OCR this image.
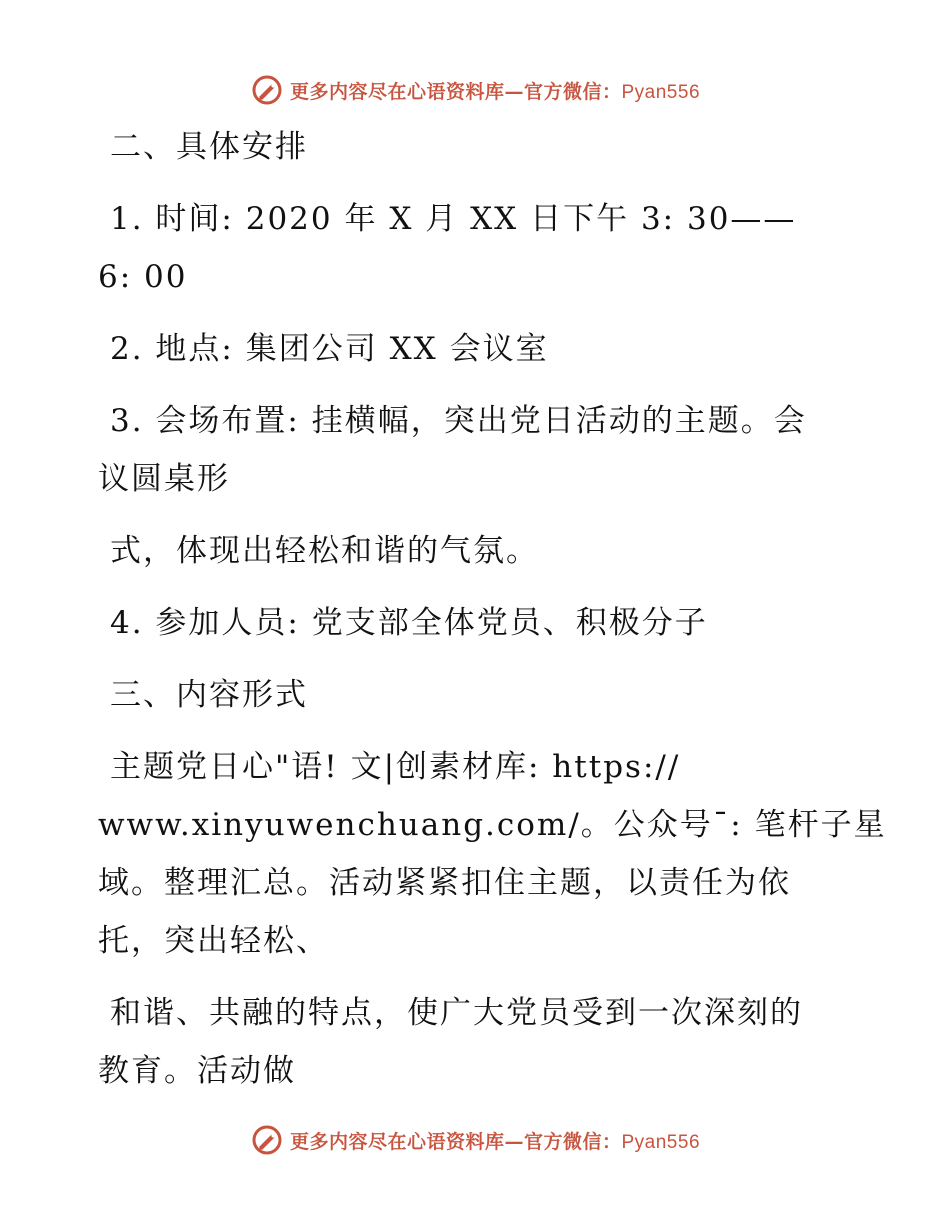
更多内容尽在心语资料库—官方微信：Pyan556
二、具体安排
1. 时间: 2020 年 X 月 XX 日下午 3: 30——
6: 00
2. 地点: 集团公司 XX 会议室
3. 会场布置: 挂横幅，突出党日活动的主题。会
议圆桌形
式，体现出轻松和谐的气氛。
4. 参加人员: 党支部全体党员、积极分子
三、内容形式
主题党日心"语! 文|创素材库: https://
www.xinyuwenchuang.com/。公众号¯: 笔杆子星
域。整理汇总。活动紧紧扣住主题，以责任为依
托，突出轻松、
和谐、共融的特点，使广大党员受到一次深刻的
教育。活动做
更多内容尽在心语资料库—官方微信：Pyan556
